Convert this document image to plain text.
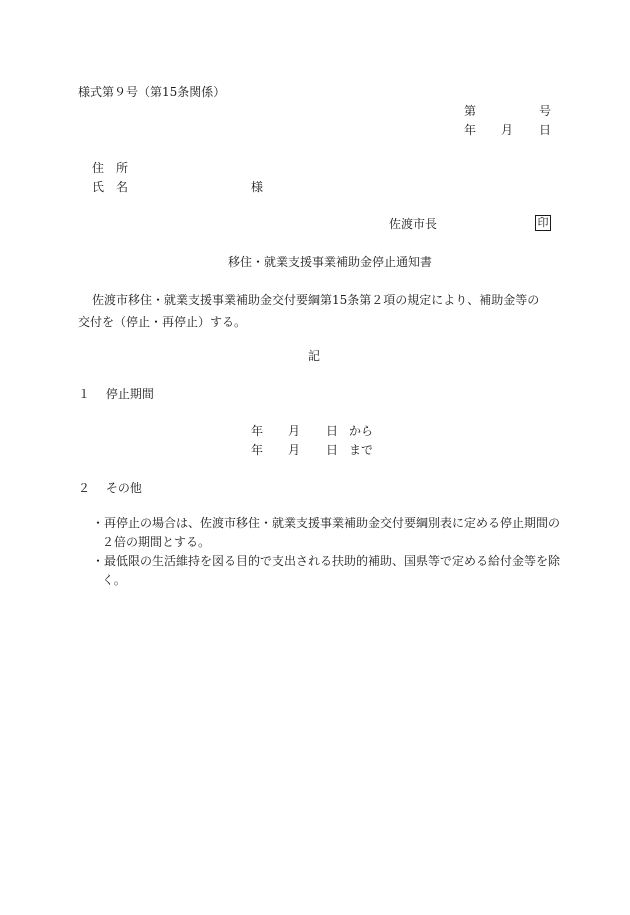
様式第９号（第15条関係）
第	号
年 月 日
住　所
氏　名	様
佐渡市長	印
移住・就業支援事業補助金停止通知書
佐渡市移住・就業支援事業補助金交付要綱第15条第２項の規定により、補助金等の交付を（停止・再停止）する。
記
１　 停止期間
年 月 日 から
年 月 日 まで
２　 その他
・再停止の場合は、佐渡市移住・就業支援事業補助金交付要綱別表に定める停止期間の２倍の期間とする。
・最低限の生活維持を図る目的で支出される扶助的補助、国県等で定める給付金等を除く。
